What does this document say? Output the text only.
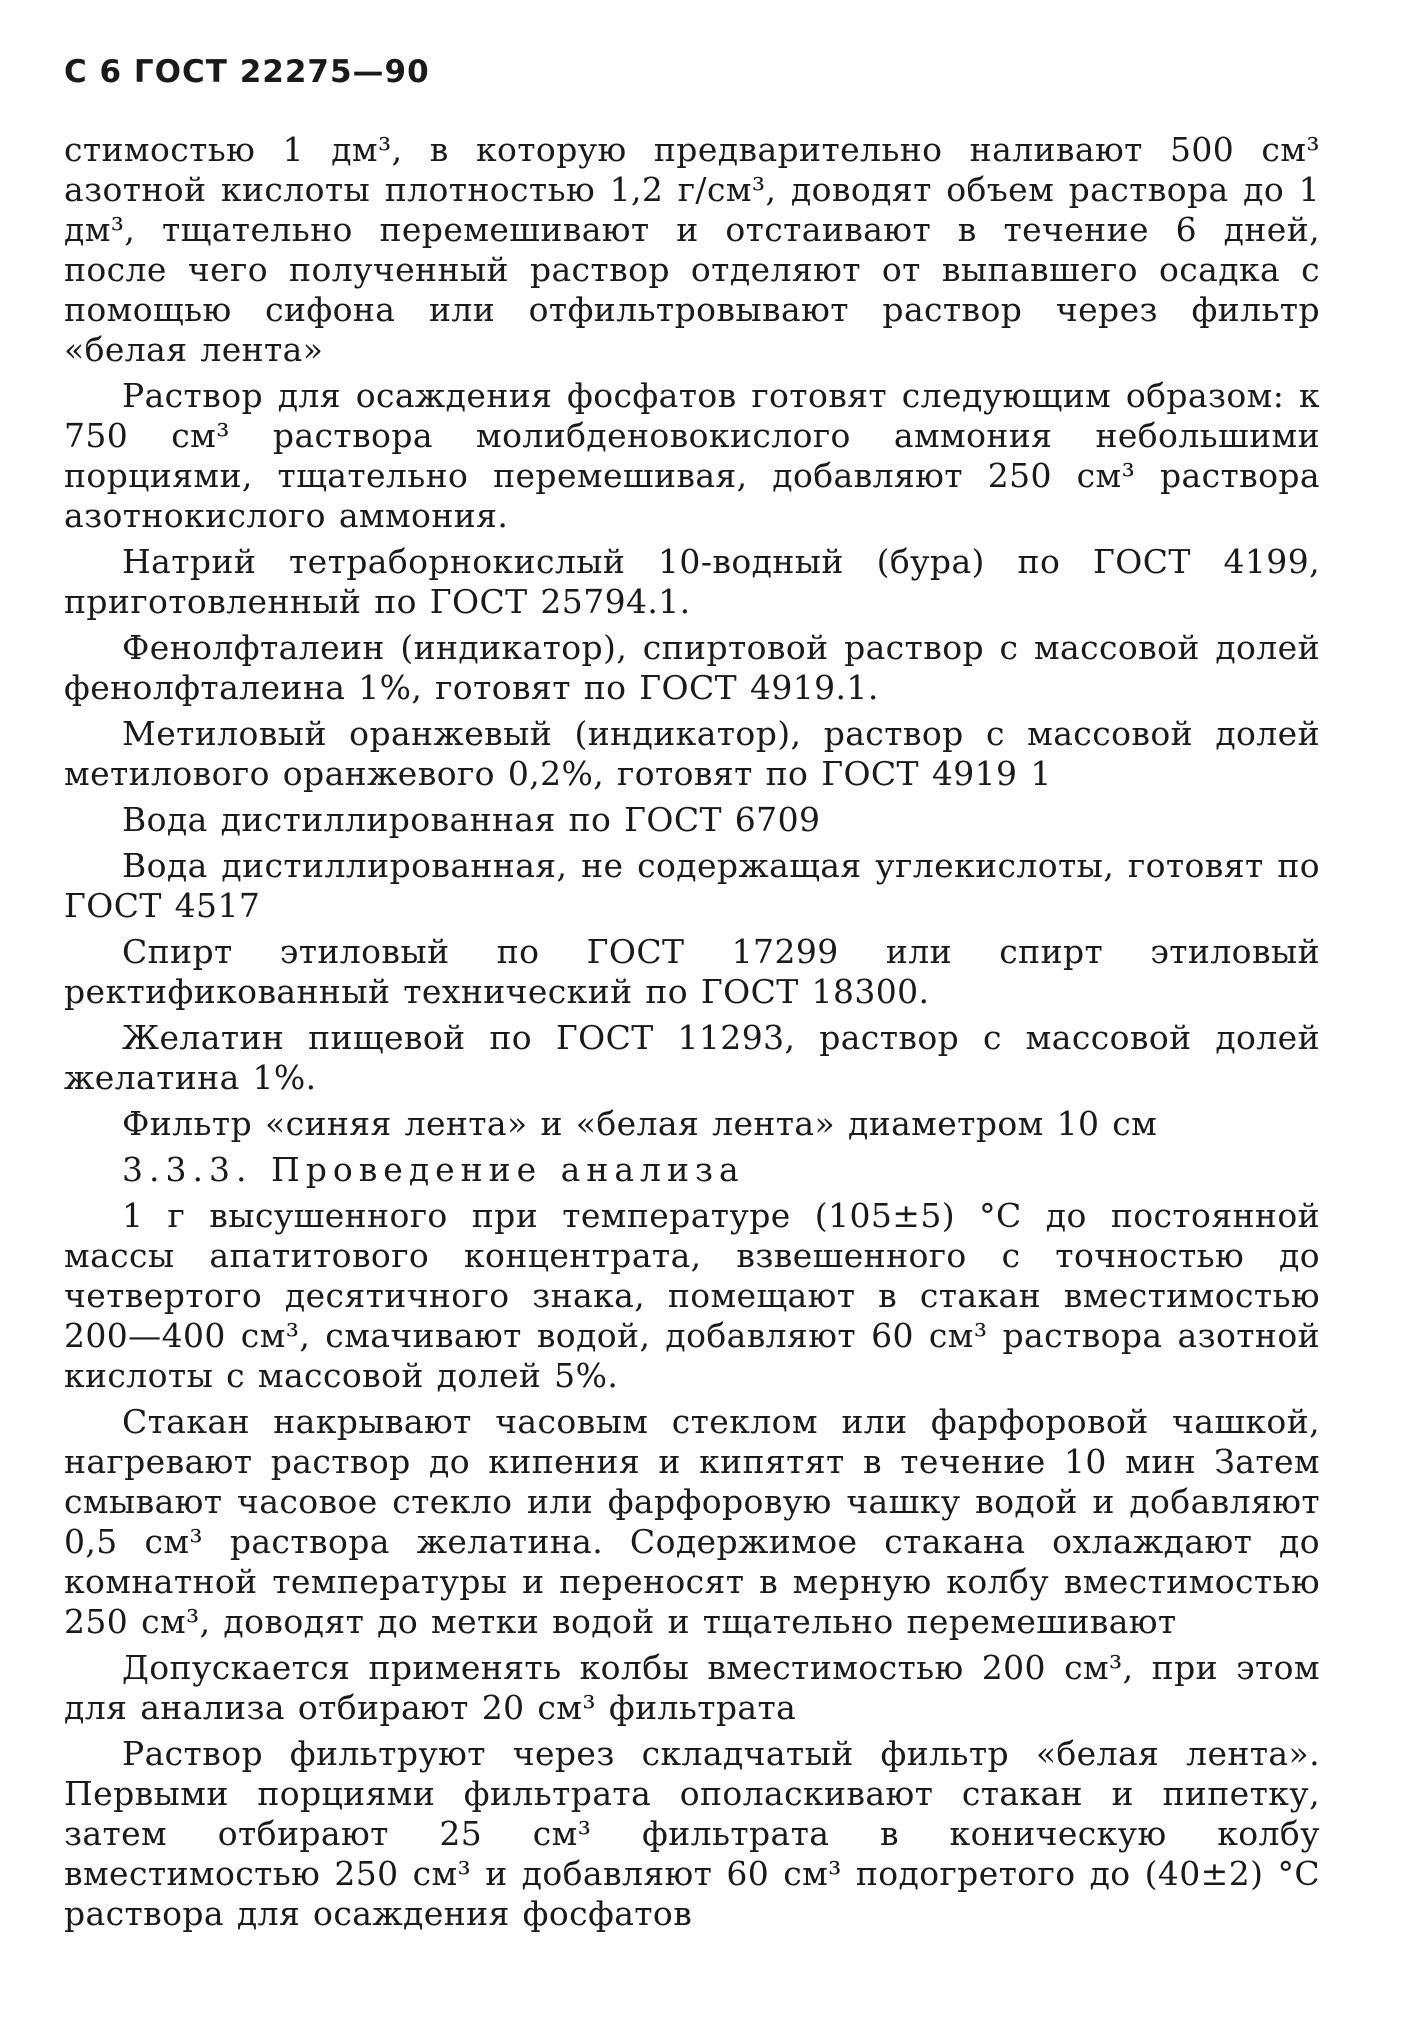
С 6 ГОСТ 22275—90

стимостью 1 дм³, в которую предварительно наливают 500 см³ азотной кислоты плотностью 1,2 г/см³, доводят объем раствора до 1 дм³, тщательно перемешивают и отстаивают в течение 6 дней, после чего полученный раствор отделяют от выпавшего осадка с помощью сифона или отфильтровывают раствор через фильтр «белая лента»

Раствор для осаждения фосфатов готовят следующим образом: к 750 см³ раствора молибденовокислого аммония небольшими порциями, тщательно перемешивая, добавляют 250 см³ раствора азотнокислого аммония.

Натрий тетраборнокислый 10-водный (бура) по ГОСТ 4199, приготовленный по ГОСТ 25794.1.

Фенолфталеин (индикатор), спиртовой раствор с массовой долей фенолфталеина 1%, готовят по ГОСТ 4919.1.

Метиловый оранжевый (индикатор), раствор с массовой долей метилового оранжевого 0,2%, готовят по ГОСТ 4919 1

Вода дистиллированная по ГОСТ 6709

Вода дистиллированная, не содержащая углекислоты, готовят по ГОСТ 4517

Спирт этиловый по ГОСТ 17299 или спирт этиловый ректификованный технический по ГОСТ 18300.

Желатин пищевой по ГОСТ 11293, раствор с массовой долей желатина 1%.

Фильтр «синяя лента» и «белая лента» диаметром 10 см

3.3.3. Проведение анализа

1 г высушенного при температуре (105±5) °C до постоянной массы апатитового концентрата, взвешенного с точностью до четвертого десятичного знака, помещают в стакан вместимостью 200—400 см³, смачивают водой, добавляют 60 см³ раствора азотной кислоты с массовой долей 5%.

Стакан накрывают часовым стеклом или фарфоровой чашкой, нагревают раствор до кипения и кипятят в течение 10 мин Затем смывают часовое стекло или фарфоровую чашку водой и добавляют 0,5 см³ раствора желатина. Содержимое стакана охлаждают до комнатной температуры и переносят в мерную колбу вместимостью 250 см³, доводят до метки водой и тщательно перемешивают

Допускается применять колбы вместимостью 200 см³, при этом для анализа отбирают 20 см³ фильтрата

Раствор фильтруют через складчатый фильтр «белая лента». Первыми порциями фильтрата ополаскивают стакан и пипетку, затем отбирают 25 см³ фильтрата в коническую колбу вместимостью 250 см³ и добавляют 60 см³ подогретого до (40±2) °C раствора для осаждения фосфатов
